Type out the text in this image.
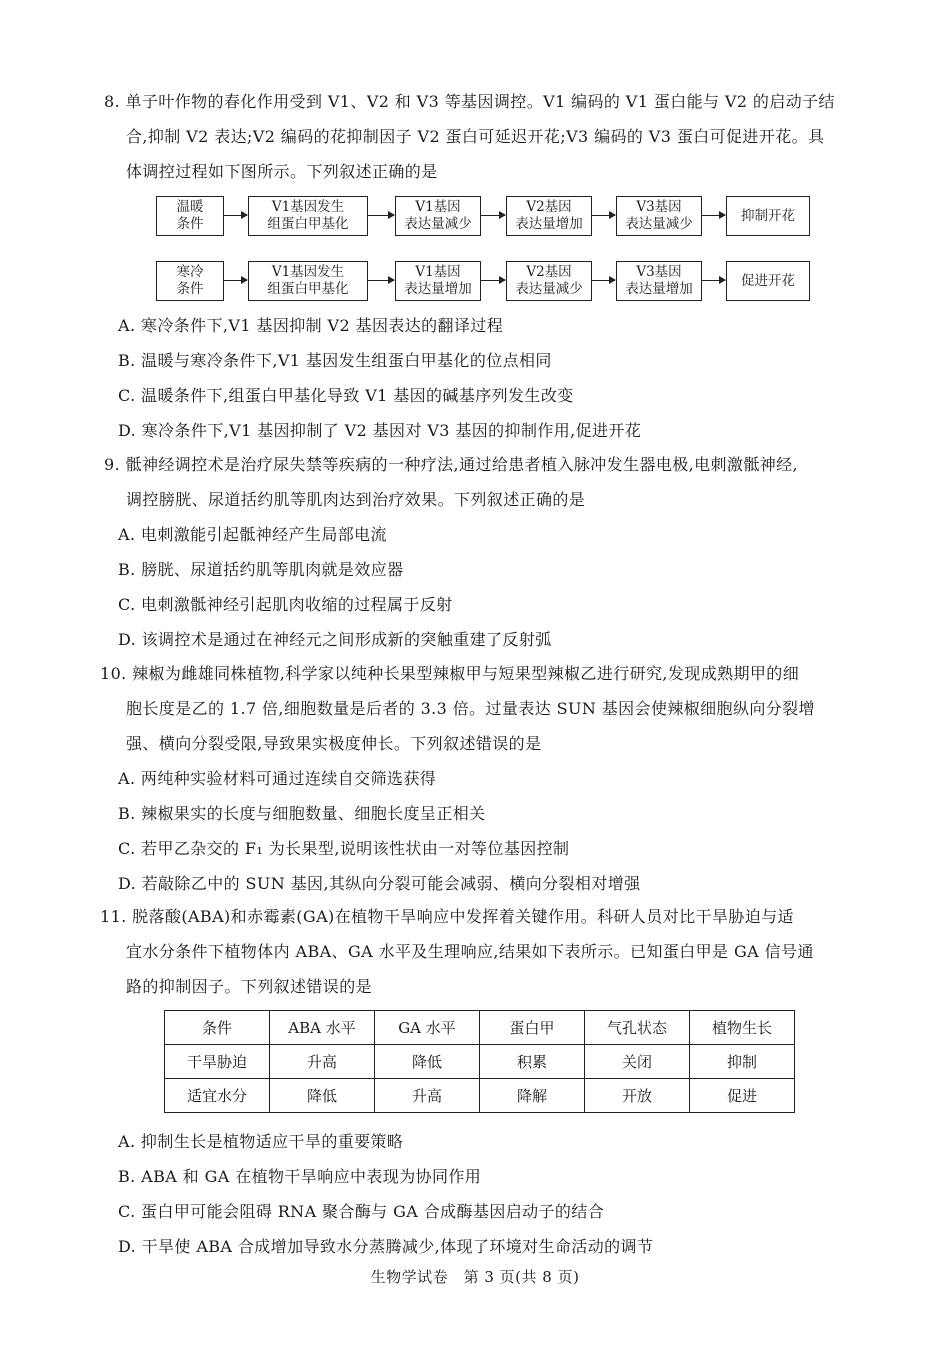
8. 单子叶作物的春化作用受到 V1、V2 和 V3 等基因调控。V1 编码的 V1 蛋白能与 V2 的启动子结

合,抑制 V2 表达;V2 编码的花抑制因子 V2 蛋白可延迟开花;V3 编码的 V3 蛋白可促进开花。具

体调控过程如下图所示。下列叙述正确的是

温暖
条件
V1基因发生
组蛋白甲基化
V1基因
表达量减少
V2基因
表达量增加
V3基因
表达量减少
抑制开花
寒冷
条件
V1基因发生
组蛋白甲基化
V1基因
表达量增加
V2基因
表达量减少
V3基因
表达量增加
促进开花

A. 寒冷条件下,V1 基因抑制 V2 基因表达的翻译过程

B. 温暖与寒冷条件下,V1 基因发生组蛋白甲基化的位点相同

C. 温暖条件下,组蛋白甲基化导致 V1 基因的碱基序列发生改变

D. 寒冷条件下,V1 基因抑制了 V2 基因对 V3 基因的抑制作用,促进开花

9. 骶神经调控术是治疗尿失禁等疾病的一种疗法,通过给患者植入脉冲发生器电极,电刺激骶神经,

调控膀胱、尿道括约肌等肌肉达到治疗效果。下列叙述正确的是

A. 电刺激能引起骶神经产生局部电流

B. 膀胱、尿道括约肌等肌肉就是效应器

C. 电刺激骶神经引起肌肉收缩的过程属于反射

D. 该调控术是通过在神经元之间形成新的突触重建了反射弧

10. 辣椒为雌雄同株植物,科学家以纯种长果型辣椒甲与短果型辣椒乙进行研究,发现成熟期甲的细

胞长度是乙的 1.7 倍,细胞数量是后者的 3.3 倍。过量表达 SUN 基因会使辣椒细胞纵向分裂增

强、横向分裂受限,导致果实极度伸长。下列叙述错误的是

A. 两纯种实验材料可通过连续自交筛选获得

B. 辣椒果实的长度与细胞数量、细胞长度呈正相关

C. 若甲乙杂交的 F₁ 为长果型,说明该性状由一对等位基因控制

D. 若敲除乙中的 SUN 基因,其纵向分裂可能会减弱、横向分裂相对增强

11. 脱落酸(ABA)和赤霉素(GA)在植物干旱响应中发挥着关键作用。科研人员对比干旱胁迫与适

宜水分条件下植物体内 ABA、GA 水平及生理响应,结果如下表所示。已知蛋白甲是 GA 信号通

路的抑制因子。下列叙述错误的是

条件	ABA 水平	GA 水平	蛋白甲	气孔状态	植物生长
干旱胁迫	升高	降低	积累	关闭	抑制
适宜水分	降低	升高	降解	开放	促进

A. 抑制生长是植物适应干旱的重要策略

B. ABA 和 GA 在植物干旱响应中表现为协同作用

C. 蛋白甲可能会阻碍 RNA 聚合酶与 GA 合成酶基因启动子的结合

D. 干旱使 ABA 合成增加导致水分蒸腾减少,体现了环境对生命活动的调节

生物学试卷　第 3 页(共 8 页)
